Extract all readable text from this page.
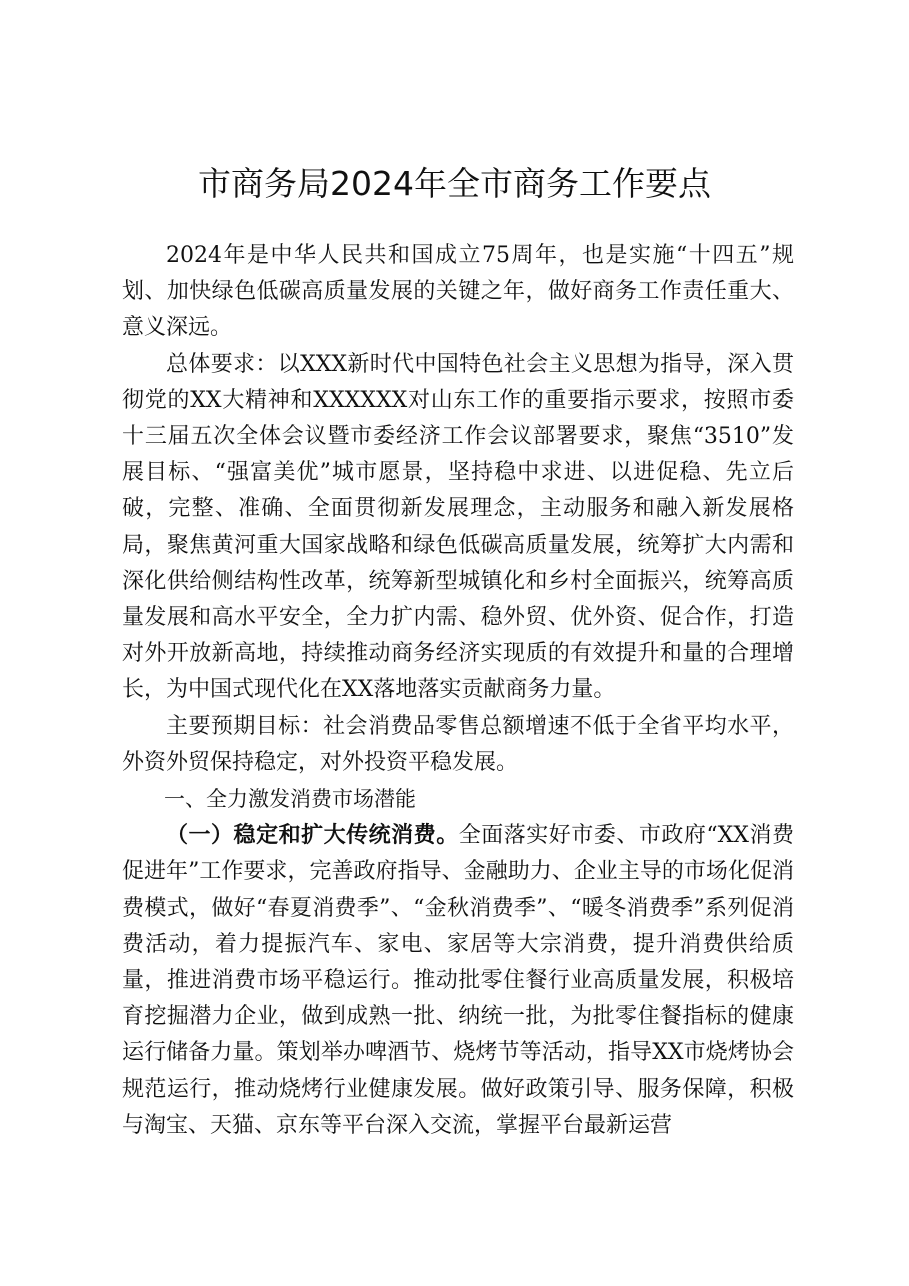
市商务局2024年全市商务工作要点

2024年是中华人民共和国成立75周年，也是实施“十四五”规划、加快绿色低碳高质量发展的关键之年，做好商务工作责任重大、意义深远。

总体要求：以XXX新时代中国特色社会主义思想为指导，深入贯彻党的XX大精神和XXXXXX对山东工作的重要指示要求，按照市委十三届五次全体会议暨市委经济工作会议部署要求，聚焦“3510”发展目标、“强富美优”城市愿景，坚持稳中求进、以进促稳、先立后破，完整、准确、全面贯彻新发展理念，主动服务和融入新发展格局，聚焦黄河重大国家战略和绿色低碳高质量发展，统筹扩大内需和深化供给侧结构性改革，统筹新型城镇化和乡村全面振兴，统筹高质量发展和高水平安全，全力扩内需、稳外贸、优外资、促合作，打造对外开放新高地，持续推动商务经济实现质的有效提升和量的合理增长，为中国式现代化在XX落地落实贡献商务力量。

主要预期目标：社会消费品零售总额增速不低于全省平均水平，外资外贸保持稳定，对外投资平稳发展。

一、全力激发消费市场潜能

（一）稳定和扩大传统消费。全面落实好市委、市政府“XX消费促进年”工作要求，完善政府指导、金融助力、企业主导的市场化促消费模式，做好“春夏消费季”、“金秋消费季”、“暖冬消费季”系列促消费活动，着力提振汽车、家电、家居等大宗消费，提升消费供给质量，推进消费市场平稳运行。推动批零住餐行业高质量发展，积极培育挖掘潜力企业，做到成熟一批、纳统一批，为批零住餐指标的健康运行储备力量。策划举办啤酒节、烧烤节等活动，指导XX市烧烤协会规范运行，推动烧烤行业健康发展。做好政策引导、服务保障，积极与淘宝、天猫、京东等平台深入交流，掌握平台最新运营
